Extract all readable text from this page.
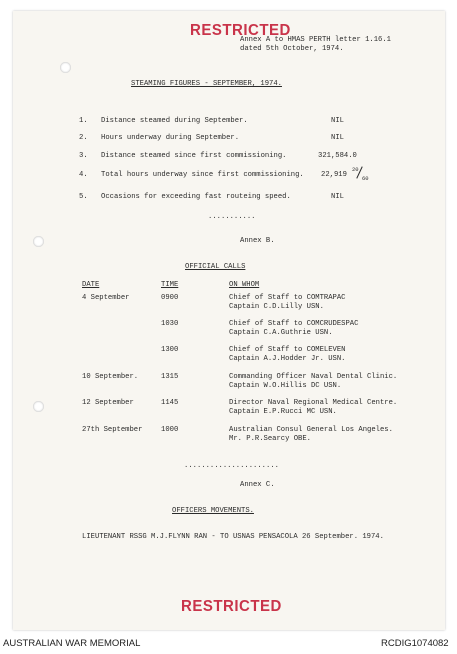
RESTRICTED
Annex A to HMAS PERTH letter 1.16.1
dated 5th October, 1974.
STEAMING FIGURES - SEPTEMBER, 1974.
1. Distance steamed during September.	NIL
2. Hours underway during September.	NIL
3. Distance steamed since first commissioning.	321,584.0
4. Total hours underway since first commissioning. 22,919
20
60
5. Occasions for exceeding fast routeing speed.	NIL
...........
Annex B.
OFFICIAL CALLS
DATE	TIME	ON WHOM
4 September	0900	Chief of Staff to COMTRAPAC
Captain C.D.Lilly USN.
1030	Chief of Staff to COMCRUDESPAC
Captain C.A.Guthrie USN.
1300	Chief of Staff to COMELEVEN
Captain A.J.Hodder Jr. USN.
10 September.	1315	Commanding Officer Naval Dental Clinic.
Captain W.O.Hillis DC USN.
12 September	1145	Director Naval Regional Medical Centre.
Captain E.P.Rucci MC USN.
27th September	1000	Australian Consul General Los Angeles.
Mr. P.R.Searcy OBE.
......................
Annex C.
OFFICERS MOVEMENTS.
LIEUTENANT RSSG M.J.FLYNN RAN - TO USNAS PENSACOLA 26 September. 1974.
RESTRICTED
AUSTRALIAN WAR MEMORIAL	RCDIG1074082
